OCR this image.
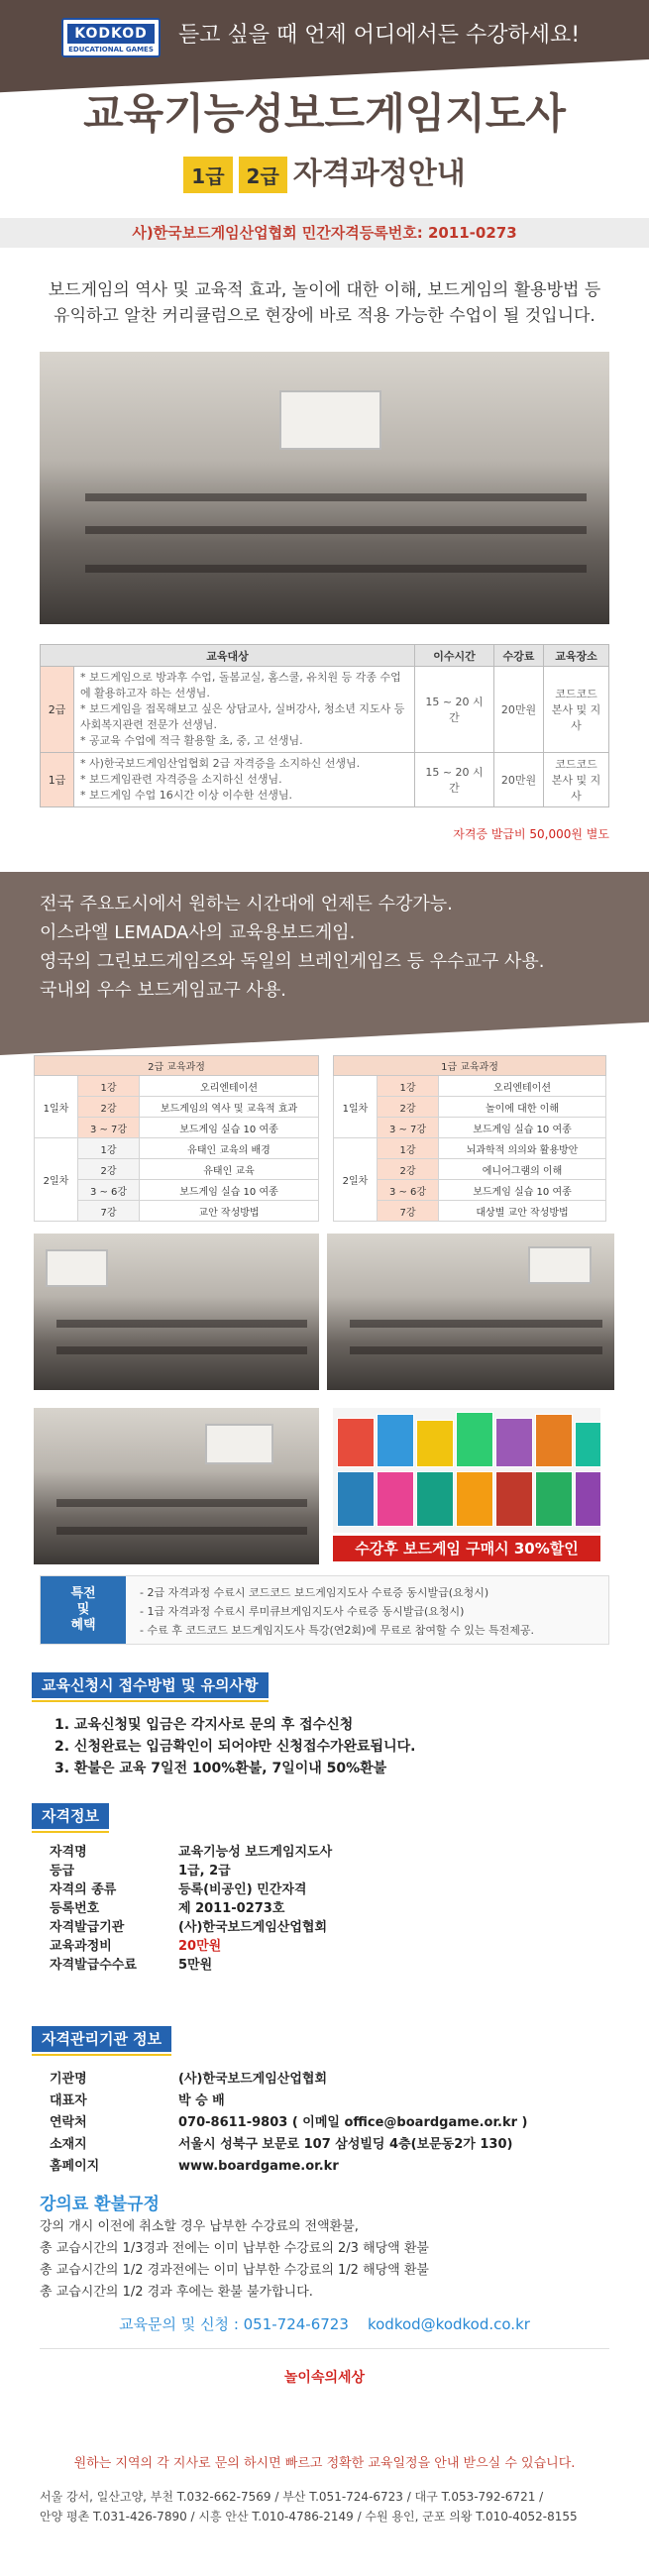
KODKOD
EDUCATIONAL GAMES
듣고 싶을 때 언제 어디에서든 수강하세요!
교육기능성보드게임지도사
1급 2급 자격과정안내
사)한국보드게임산업협회 민간자격등록번호: 2011-0273
보드게임의 역사 및 교육적 효과, 놀이에 대한 이해, 보드게임의 활용방법 등 유익하고 알찬 커리큘럼으로 현장에 바로 적용 가능한 수업이 될 것입니다.
교육대상		이수시간	수강료	교육장소
2급	* 보드게임으로 방과후 수업, 돌봄교실, 홈스쿨, 유치원 등 각종 수업에 활용하고자 하는 선생님.
* 보드게임을 접목해보고 싶은 상담교사, 실버강사, 청소년 지도사 등 사회복지관련 전문가 선생님.
* 공교육 수업에 적극 활용할 초, 중, 고 선생님.	15 ~ 20 시간	20만원	코드코드 본사 및 지사
1급	* 사)한국보드게임산업협회 2급 자격증을 소지하신 선생님.
* 보드게임관련 자격증을 소지하신 선생님.
* 보드게임 수업 16시간 이상 이수한 선생님.	15 ~ 20 시간	20만원	코드코드 본사 및 지사
자격증 발급비 50,000원 별도
전국 주요도시에서 원하는 시간대에 언제든 수강가능.
이스라엘 LEMADA사의 교육용보드게임.
영국의 그린보드게임즈와 독일의 브레인게임즈 등 우수교구 사용.
국내외 우수 보드게임교구 사용.
2급 교육과정		
1일차	1강	오리엔테이션
	2강	보드게임의 역사 및 교육적 효과
	3 ~ 7강	보드게임 실습 10 여종
2일차	1강	유태인 교육의 배경
	2강	유태인 교육
	3 ~ 6강	보드게임 실습 10 여종
	7강	교안 작성방법
1급 교육과정		
1일차	1강	오리엔테이션
	2강	놀이에 대한 이해
	3 ~ 7강	보드게임 실습 10 여종
2일차	1강	뇌과학적 의의와 활용방안
	2강	에니어그램의 이해
	3 ~ 6강	보드게임 실습 10 여종
	7강	대상별 교안 작성방법
수강후 보드게임 구매시 30%할인
특전
및
혜택
- 2급 자격과정 수료시 코드코드 보드게임지도사 수료증 동시발급(요청시)
- 1급 자격과정 수료시 루미큐브게임지도사 수료증 동시발급(요청시)
- 수료 후 코드코드 보드게임지도사 특강(연2회)에 무료로 참여할 수 있는 특전제공.
교육신청시 접수방법 및 유의사항
1. 교육신청및 입금은 각지사로 문의 후 접수신청
2. 신청완료는 입금확인이 되어야만 신청접수가완료됩니다.
3. 환불은 교육 7일전 100%환불, 7일이내 50%환불
자격정보
자격명	교육기능성 보드게임지도사
등급	1급, 2급
자격의 종류	등록(비공인) 민간자격
등록번호	제 2011-0273호
자격발급기관	(사)한국보드게임산업협회
교육과정비	20만원
자격발급수수료	5만원
자격관리기관 정보
기관명	(사)한국보드게임산업협회
대표자	박 승 배
연락처	070-8611-9803 ( 이메일 office@boardgame.or.kr )
소재지	서울시 성북구 보문로 107 삼성빌딩 4층(보문동2가 130)
홈페이지	www.boardgame.or.kr
강의료 환불규정
강의 개시 이전에 취소할 경우 납부한 수강료의 전액환불,
총 교습시간의 1/3경과 전에는 이미 납부한 수강료의 2/3 해당액 환불
총 교습시간의 1/2 경과전에는 이미 납부한 수강료의 1/2 해당액 환불
총 교습시간의 1/2 경과 후에는 환불 불가합니다.
교육문의 및 신청 : 051-724-6723    kodkod@kodkod.co.kr
놀이속의세상
원하는 지역의 각 지사로 문의 하시면 빠르고 정확한 교육일정을 안내 받으실 수 있습니다.
서울 강서, 일산고양, 부천 T.032-662-7569 / 부산 T.051-724-6723 / 대구 T.053-792-6721 /
안양 평촌 T.031-426-7890 / 시흥 안산 T.010-4786-2149 / 수원 용인, 군포 의왕 T.010-4052-8155
